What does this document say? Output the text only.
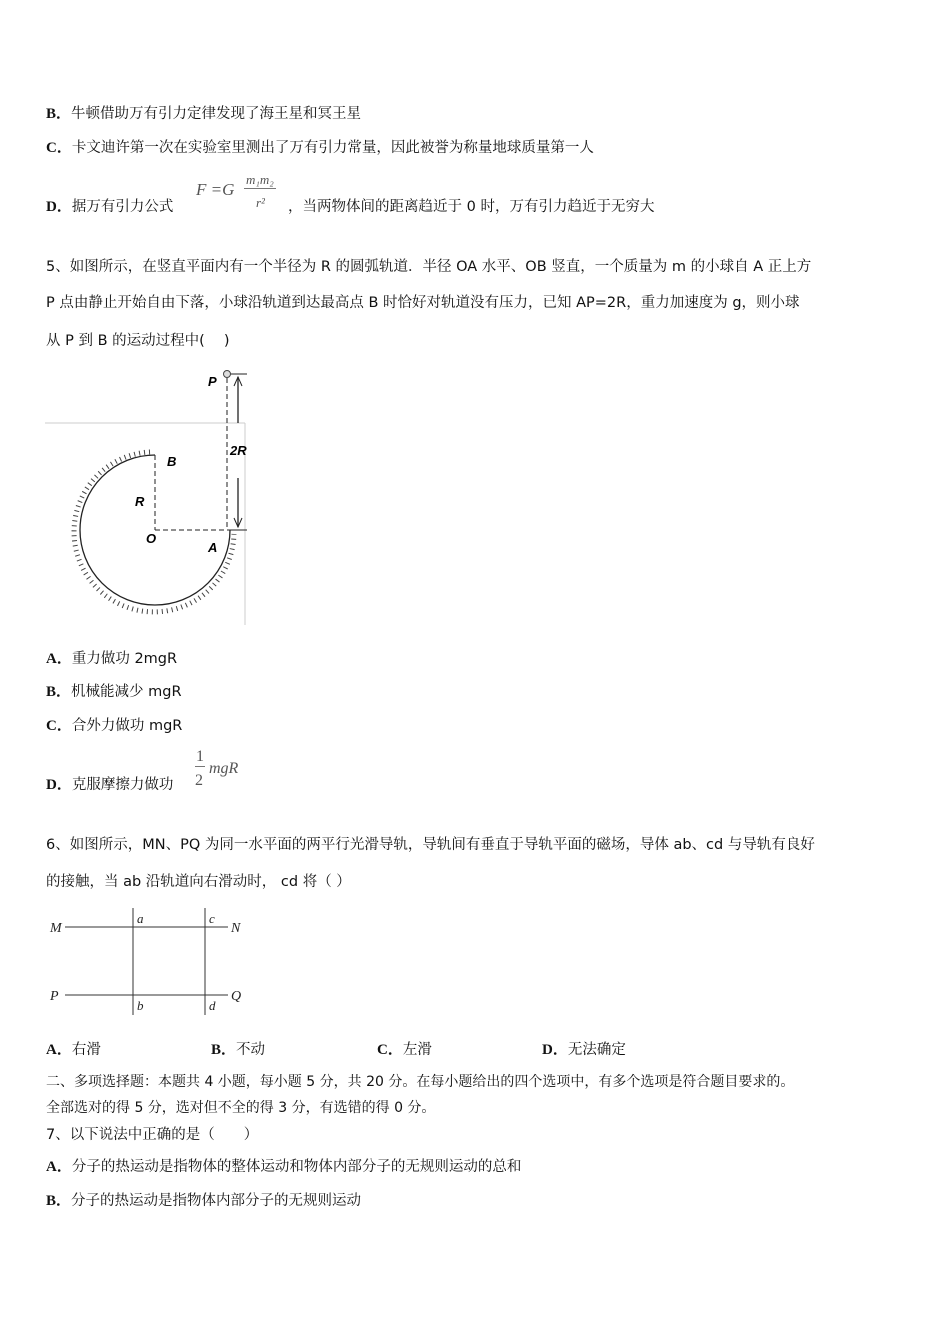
B．牛顿借助万有引力定律发现了海王星和冥王星
C．卡文迪许第一次在实验室里测出了万有引力常量，因此被誉为称量地球质量第一人
D．据万有引力公式
F =G
m₁m₂
r² ，当两物体间的距离趋近于 0 时，万有引力趋近于无穷大
5、如图所示，在竖直平面内有一个半径为 R 的圆弧轨道．半径 OA 水平、OB 竖直，一个质量为 m 的小球自 A 正上方
P 点由静止开始自由下落，小球沿轨道到达最高点 B 时恰好对轨道没有压力，已知 AP=2R，重力加速度为 g，则小球
从 P 到 B 的运动过程中(　 )
P
B
R
O
A
2R
M	N
P	Q
a
b
c
d
A．重力做功 2mgR
B．机械能减少 mgR
C．合外力做功 mgR
D．克服摩擦力做功
1
2
mgR
6、如图所示，MN、PQ 为同一水平面的两平行光滑导轨，导轨间有垂直于导轨平面的磁场，导体 ab、cd 与导轨有良好
的接触，当 ab 沿轨道向右滑动时， cd 将（ ）
A．右滑	B．不动	C．左滑	D．无法确定
二、多项选择题：本题共 4 小题，每小题 5 分，共 20 分。在每小题给出的四个选项中，有多个选项是符合题目要求的。
全部选对的得 5 分，选对但不全的得 3 分，有选错的得 0 分。
7、以下说法中正确的是（　　）
A．分子的热运动是指物体的整体运动和物体内部分子的无规则运动的总和
B．分子的热运动是指物体内部分子的无规则运动
